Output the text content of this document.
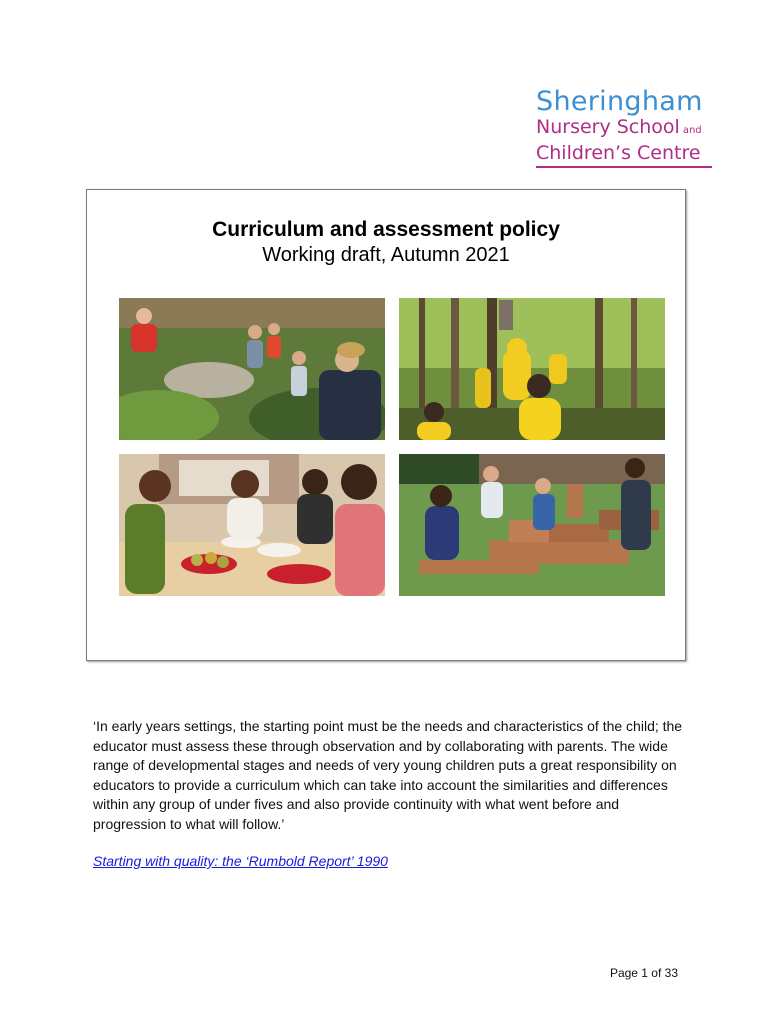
Sheringham
Nursery School and
Children’s Centre
Curriculum and assessment policy
Working draft, Autumn 2021
‘In early years settings, the starting point must be the needs and characteristics of the child; the educator must assess these through observation and by collaborating with parents. The wide range of developmental stages and needs of very young children puts a great responsibility on educators to provide a curriculum which can take into account the similarities and differences within any group of under fives and also provide continuity with what went before and progression to what will follow.’
Starting with quality: the ‘Rumbold Report’ 1990
Page 1 of 33
